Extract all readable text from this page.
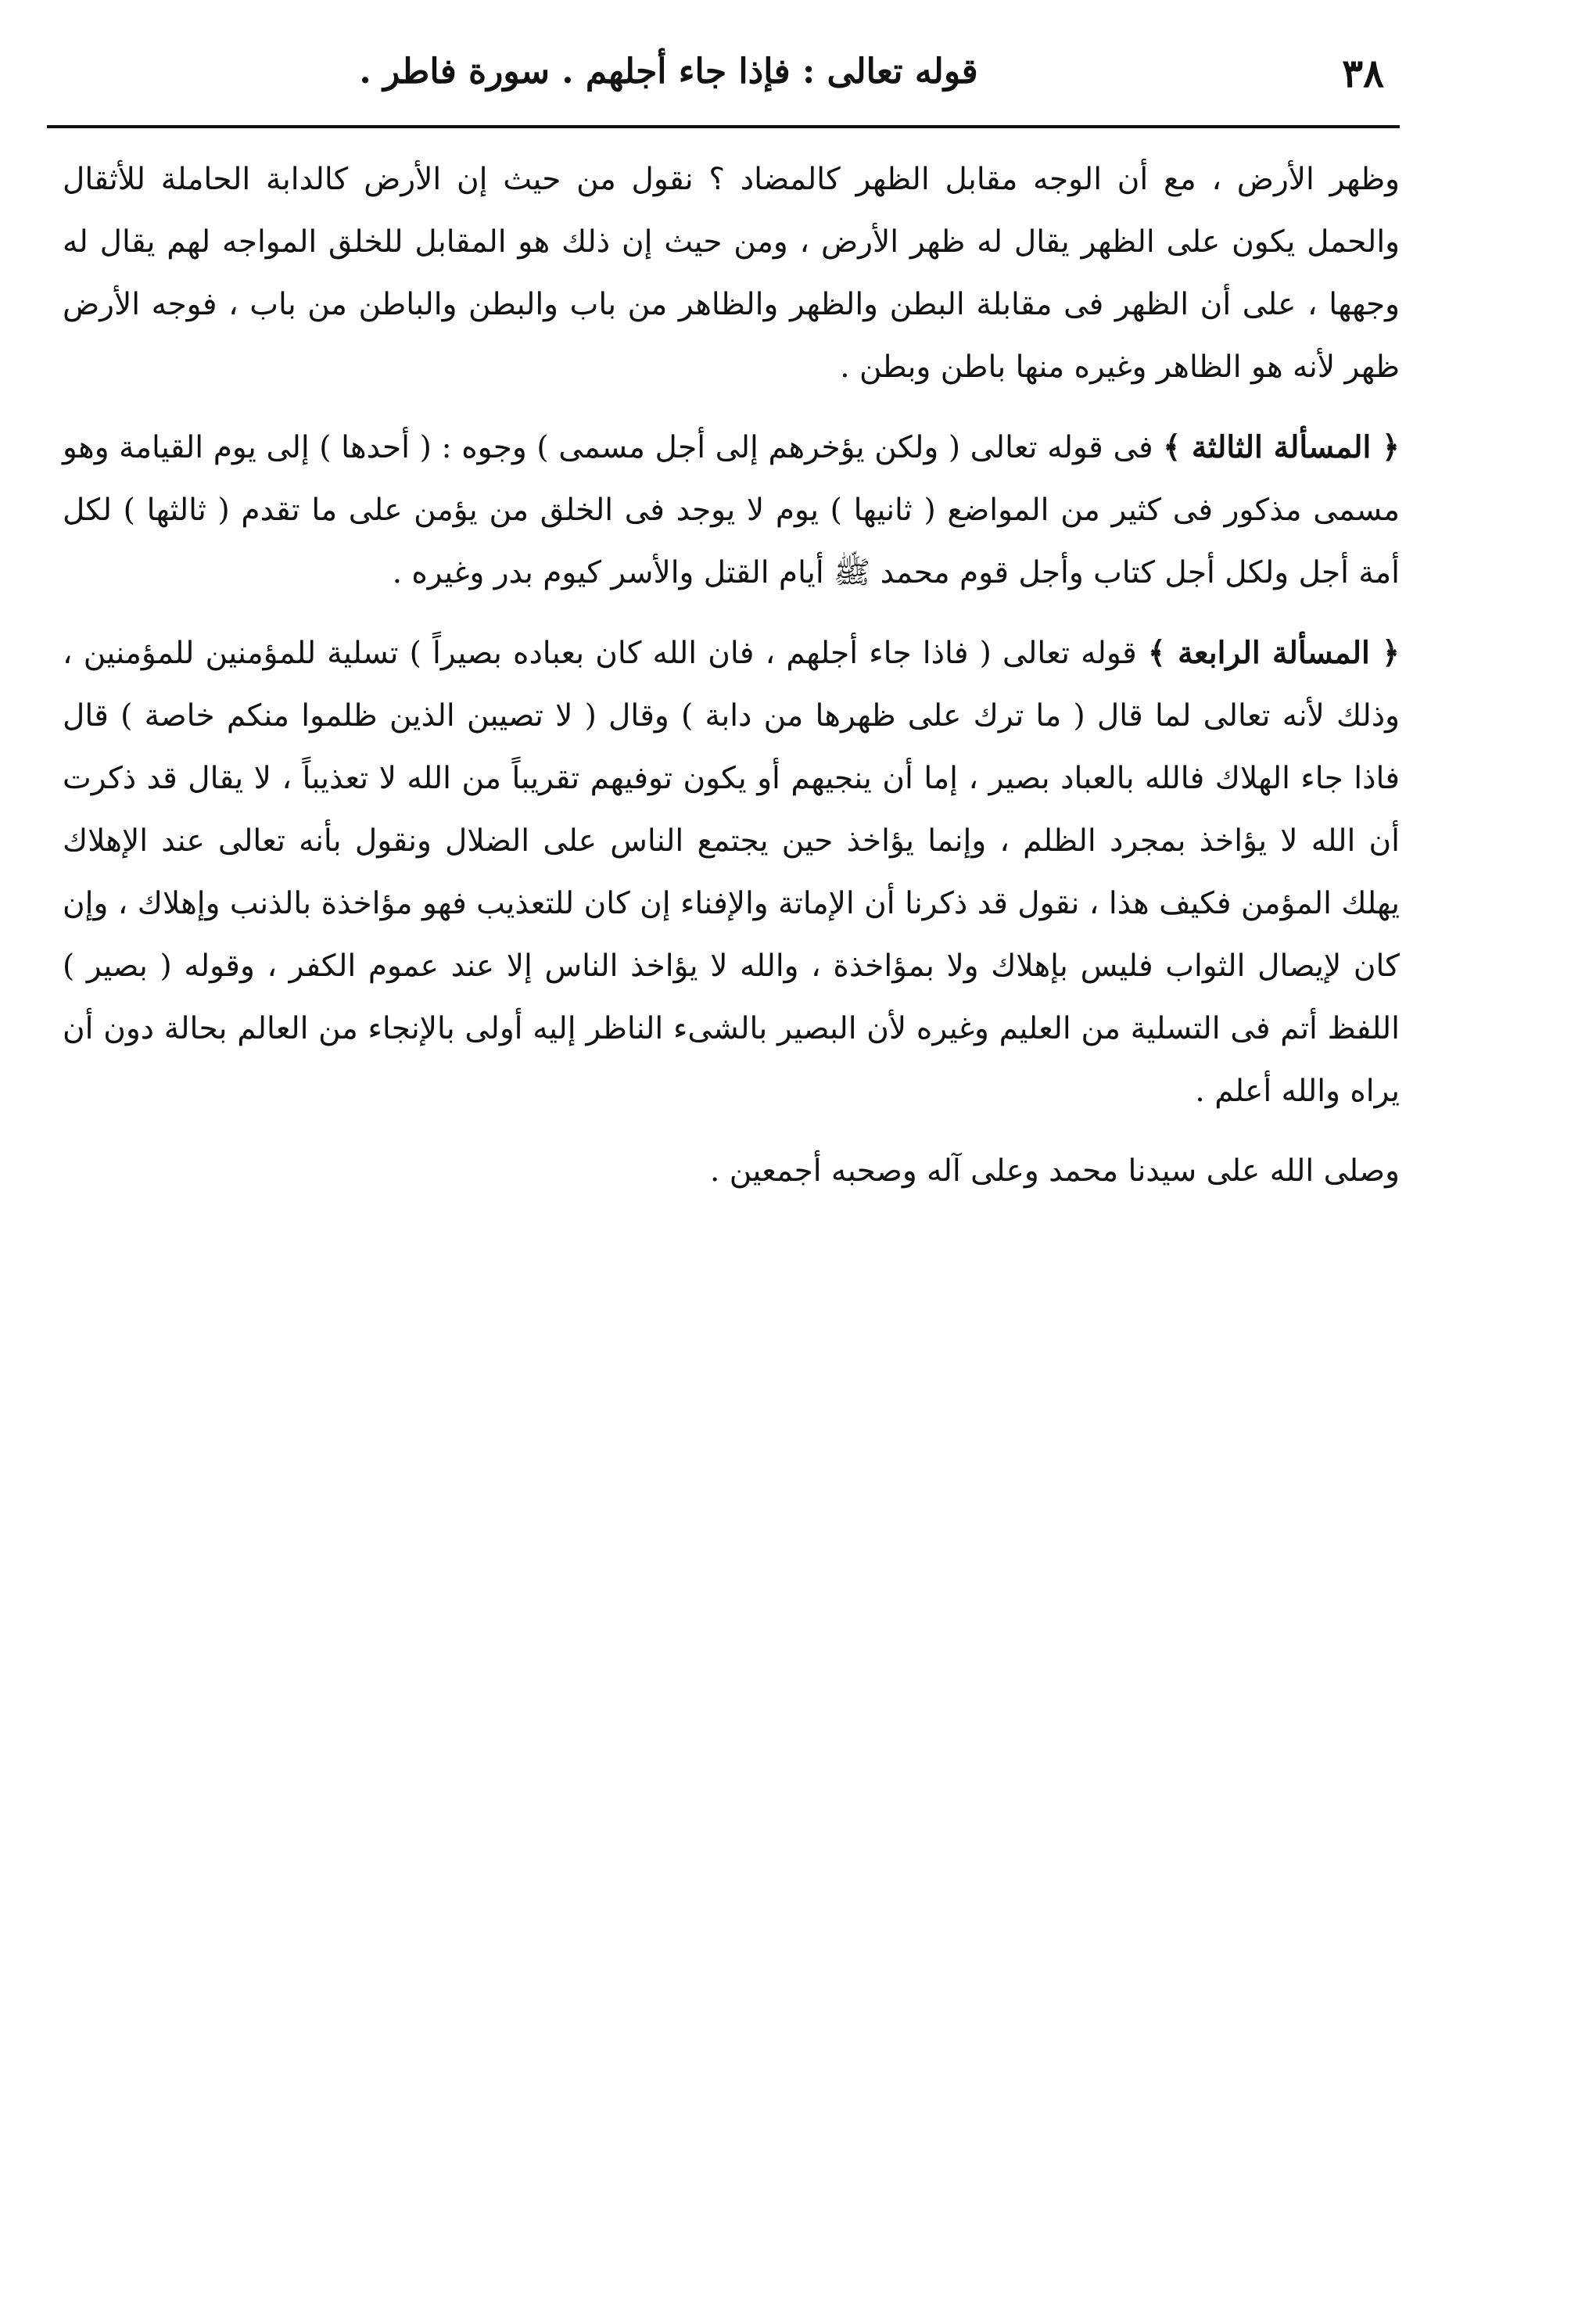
٣٨
قوله تعالى : فإذا جاء أجلهم . سورة فاطر .

وظهر الأرض ، مع أن الوجه مقابل الظهر كالمضاد ؟ نقول من حيث إن الأرض كالدابة الحاملة للأثقال والحمل يكون على الظهر يقال له ظهر الأرض ، ومن حيث إن ذلك هو المقابل للخلق المواجه لهم يقال له وجهها ، على أن الظهر فى مقابلة البطن والظهر والظاهر من باب والبطن والباطن من باب ، فوجه الأرض ظهر لأنه هو الظاهر وغيره منها باطن وبطن .

﴿ المسألة الثالثة ﴾ فى قوله تعالى ( ولكن يؤخرهم إلى أجل مسمى ) وجوه : ( أحدها ) إلى يوم القيامة وهو مسمى مذكور فى كثير من المواضع ( ثانيها ) يوم لا يوجد فى الخلق من يؤمن على ما تقدم ( ثالثها ) لكل أمة أجل ولكل أجل كتاب وأجل قوم محمد ﷺ أيام القتل والأسر كيوم بدر وغيره .

﴿ المسألة الرابعة ﴾ قوله تعالى ( فاذا جاء أجلهم ، فان الله كان بعباده بصيراً ) تسلية للمؤمنين للمؤمنين ، وذلك لأنه تعالى لما قال ( ما ترك على ظهرها من دابة ) وقال ( لا تصيبن الذين ظلموا منكم خاصة ) قال فاذا جاء الهلاك فالله بالعباد بصير ، إما أن ينجيهم أو يكون توفيهم تقريباً من الله لا تعذيباً ، لا يقال قد ذكرت أن الله لا يؤاخذ بمجرد الظلم ، وإنما يؤاخذ حين يجتمع الناس على الضلال ونقول بأنه تعالى عند الإهلاك يهلك المؤمن فكيف هذا ، نقول قد ذكرنا أن الإماتة والإفناء إن كان للتعذيب فهو مؤاخذة بالذنب وإهلاك ، وإن كان لإيصال الثواب فليس بإهلاك ولا بمؤاخذة ، والله لا يؤاخذ الناس إلا عند عموم الكفر ، وقوله ( بصير ) اللفظ أتم فى التسلية من العليم وغيره لأن البصير بالشىء الناظر إليه أولى بالإنجاء من العالم بحالة دون أن يراه والله أعلم .

وصلى الله على سيدنا محمد وعلى آله وصحبه أجمعين .
